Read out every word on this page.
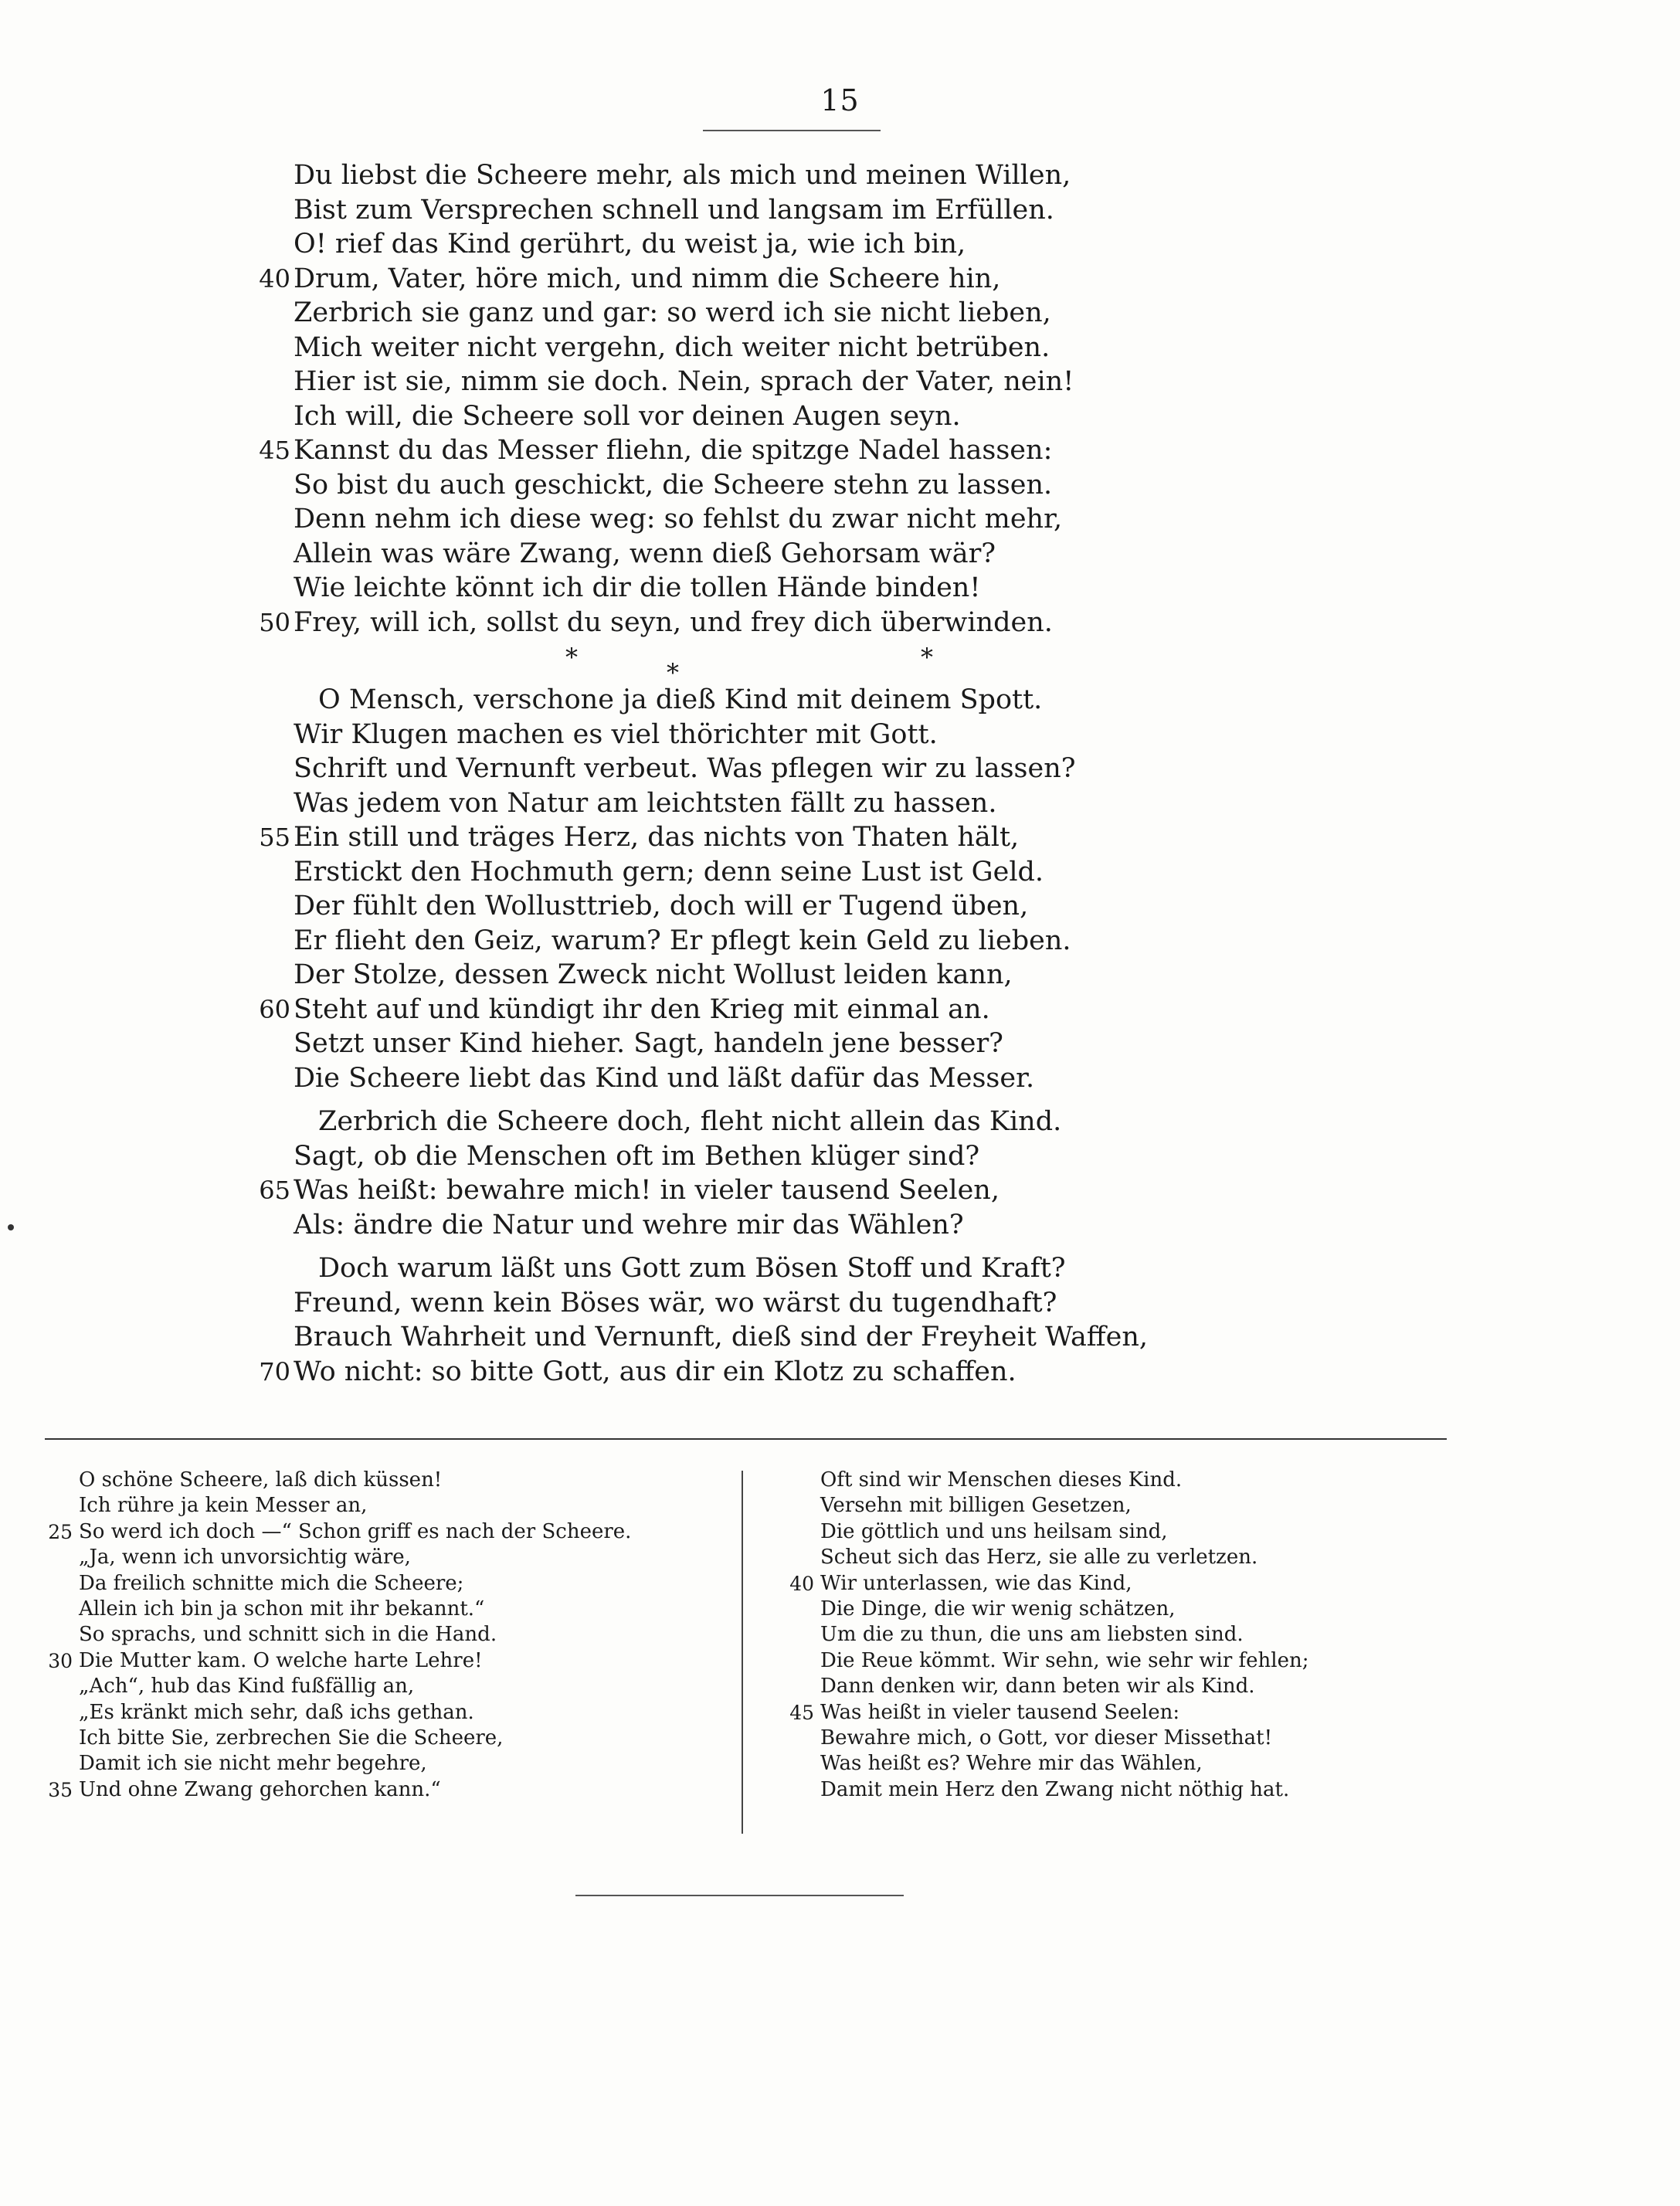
15
Du liebst die Scheere mehr, als mich und meinen Willen,
Bist zum Versprechen schnell und langsam im Erfüllen.
O! rief das Kind gerührt, du weist ja, wie ich bin,
40 Drum, Vater, höre mich, und nimm die Scheere hin,
Zerbrich sie ganz und gar: so werd ich sie nicht lieben,
Mich weiter nicht vergehn, dich weiter nicht betrüben.
Hier ist sie, nimm sie doch. Nein, sprach der Vater, nein!
Ich will, die Scheere soll vor deinen Augen seyn.
45 Kannst du das Messer fliehn, die spitzge Nadel hassen:
So bist du auch geschickt, die Scheere stehn zu lassen.
Denn nehm ich diese weg: so fehlst du zwar nicht mehr,
Allein was wäre Zwang, wenn dieß Gehorsam wär?
Wie leichte könnt ich dir die tollen Hände binden!
50 Frey, will ich, sollst du seyn, und frey dich überwinden.
*
*
*
O Mensch, verschone ja dieß Kind mit deinem Spott.
Wir Klugen machen es viel thörichter mit Gott.
Schrift und Vernunft verbeut. Was pflegen wir zu lassen?
Was jedem von Natur am leichtsten fällt zu hassen.
55 Ein still und träges Herz, das nichts von Thaten hält,
Erstickt den Hochmuth gern; denn seine Lust ist Geld.
Der fühlt den Wollusttrieb, doch will er Tugend üben,
Er flieht den Geiz, warum? Er pflegt kein Geld zu lieben.
Der Stolze, dessen Zweck nicht Wollust leiden kann,
60 Steht auf und kündigt ihr den Krieg mit einmal an.
Setzt unser Kind hieher. Sagt, handeln jene besser?
Die Scheere liebt das Kind und läßt dafür das Messer.
Zerbrich die Scheere doch, fleht nicht allein das Kind.
Sagt, ob die Menschen oft im Bethen klüger sind?
65 Was heißt: bewahre mich! in vieler tausend Seelen,
Als: ändre die Natur und wehre mir das Wählen?
Doch warum läßt uns Gott zum Bösen Stoff und Kraft?
Freund, wenn kein Böses wär, wo wärst du tugendhaft?
Brauch Wahrheit und Vernunft, dieß sind der Freyheit Waffen,
70 Wo nicht: so bitte Gott, aus dir ein Klotz zu schaffen.
O schöne Scheere, laß dich küssen!
Ich rühre ja kein Messer an,
25 So werd ich doch —“ Schon griff es nach der Scheere.
„Ja, wenn ich unvorsichtig wäre,
Da freilich schnitte mich die Scheere;
Allein ich bin ja schon mit ihr bekannt.“
So sprachs, und schnitt sich in die Hand.
30 Die Mutter kam. O welche harte Lehre!
„Ach“, hub das Kind fußfällig an,
„Es kränkt mich sehr, daß ichs gethan.
Ich bitte Sie, zerbrechen Sie die Scheere,
Damit ich sie nicht mehr begehre,
35 Und ohne Zwang gehorchen kann.“
Oft sind wir Menschen dieses Kind.
Versehn mit billigen Gesetzen,
Die göttlich und uns heilsam sind,
Scheut sich das Herz, sie alle zu verletzen.
40 Wir unterlassen, wie das Kind,
Die Dinge, die wir wenig schätzen,
Um die zu thun, die uns am liebsten sind.
Die Reue kömmt. Wir sehn, wie sehr wir fehlen;
Dann denken wir, dann beten wir als Kind.
45 Was heißt in vieler tausend Seelen:
Bewahre mich, o Gott, vor dieser Missethat!
Was heißt es? Wehre mir das Wählen,
Damit mein Herz den Zwang nicht nöthig hat.
